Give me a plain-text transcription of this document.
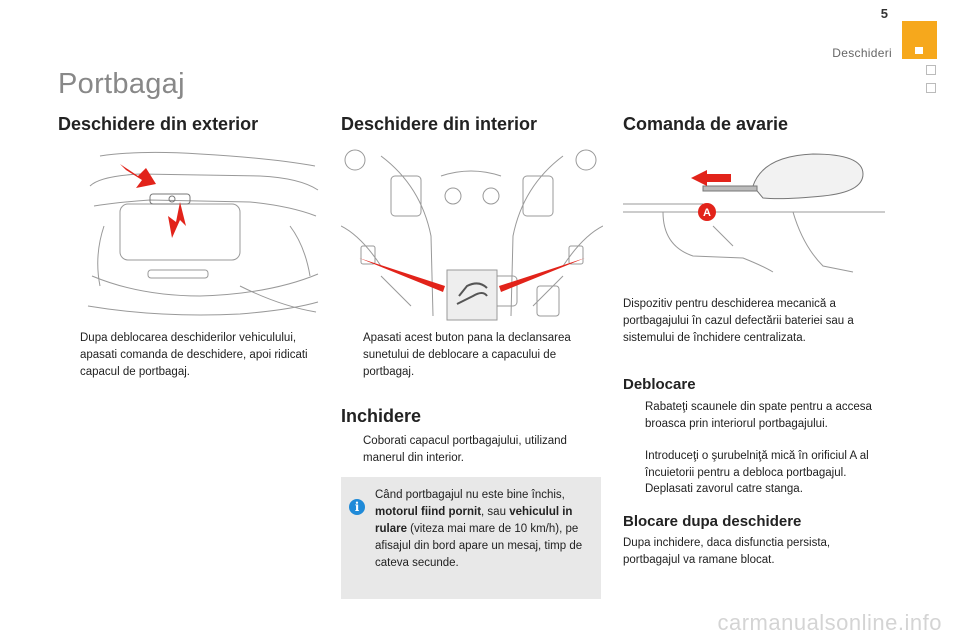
5
Deschideri
Portbagaj
Deschidere din exterior
Dupa deblocarea deschiderilor vehiculului, apasati comanda de deschidere, apoi ridicati capacul de portbagaj.
Deschidere din interior
Apasati acest buton pana la declansarea sunetului de deblocare a capacului de portbagaj.
Inchidere
Coborati capacul portbagajului, utilizand manerul din interior.
i
Când portbagajul nu este bine închis, motorul fiind pornit, sau vehiculul in rulare (viteza mai mare de 10 km/h), pe afisajul din bord apare un mesaj, timp de cateva secunde.
Comanda de avarie
A
Dispozitiv pentru deschiderea mecanică a portbagajului în cazul defectării bateriei sau a sistemului de închidere centralizata.
Deblocare
Rabateţi scaunele din spate pentru a accesa broasca prin interiorul portbagajului.
Introduceţi o şurubelniţă mică în orificiul A al încuietorii pentru a debloca portbagajul.
Deplasati zavorul catre stanga.
Blocare dupa deschidere
Dupa inchidere, daca disfunctia persista, portbagajul va ramane blocat.
carmanualsonline.info
